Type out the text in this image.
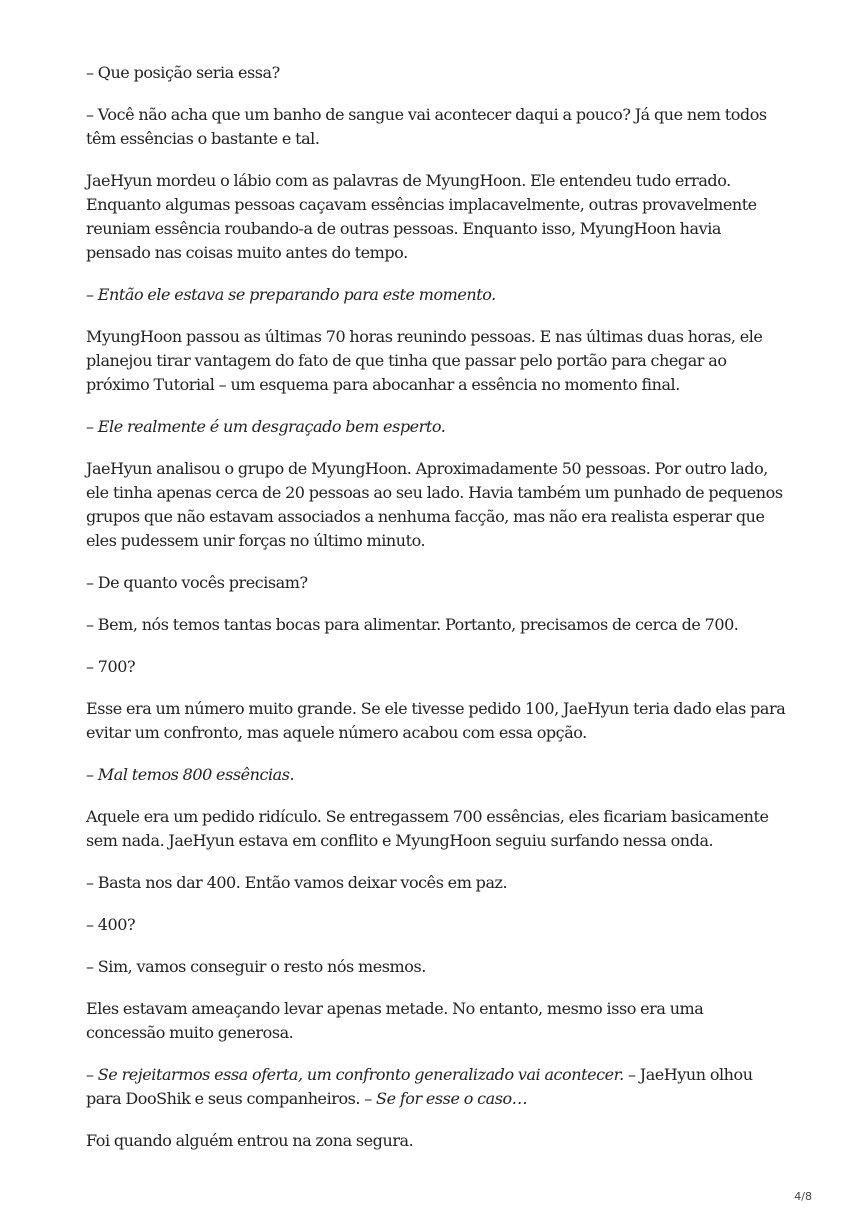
– Que posição seria essa?

– Você não acha que um banho de sangue vai acontecer daqui a pouco? Já que nem todos têm essências o bastante e tal.

JaeHyun mordeu o lábio com as palavras de MyungHoon. Ele entendeu tudo errado. Enquanto algumas pessoas caçavam essências implacavelmente, outras provavelmente reuniam essência roubando-a de outras pessoas. Enquanto isso, MyungHoon havia pensado nas coisas muito antes do tempo.

– Então ele estava se preparando para este momento.

MyungHoon passou as últimas 70 horas reunindo pessoas. E nas últimas duas horas, ele planejou tirar vantagem do fato de que tinha que passar pelo portão para chegar ao próximo Tutorial – um esquema para abocanhar a essência no momento final.

– Ele realmente é um desgraçado bem esperto.

JaeHyun analisou o grupo de MyungHoon. Aproximadamente 50 pessoas. Por outro lado, ele tinha apenas cerca de 20 pessoas ao seu lado. Havia também um punhado de pequenos grupos que não estavam associados a nenhuma facção, mas não era realista esperar que eles pudessem unir forças no último minuto.

– De quanto vocês precisam?

– Bem, nós temos tantas bocas para alimentar. Portanto, precisamos de cerca de 700.

– 700?

Esse era um número muito grande. Se ele tivesse pedido 100, JaeHyun teria dado elas para evitar um confronto, mas aquele número acabou com essa opção.

– Mal temos 800 essências.

Aquele era um pedido ridículo. Se entregassem 700 essências, eles ficariam basicamente sem nada. JaeHyun estava em conflito e MyungHoon seguiu surfando nessa onda.

– Basta nos dar 400. Então vamos deixar vocês em paz.

– 400?

– Sim, vamos conseguir o resto nós mesmos.

Eles estavam ameaçando levar apenas metade. No entanto, mesmo isso era uma concessão muito generosa.

– Se rejeitarmos essa oferta, um confronto generalizado vai acontecer. – JaeHyun olhou para DooShik e seus companheiros. – Se for esse o caso…

Foi quando alguém entrou na zona segura.

4/8
